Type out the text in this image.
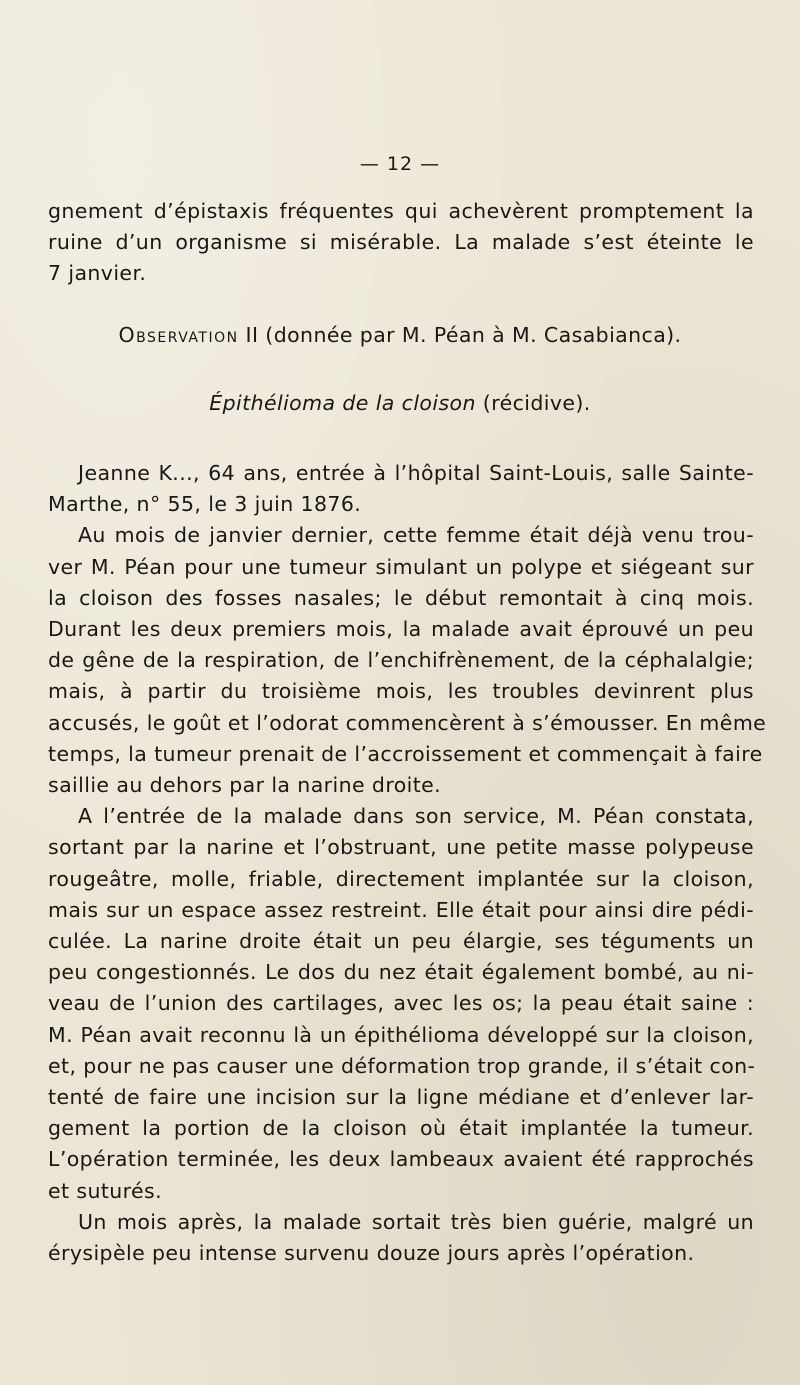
— 12 —
gnement d’épistaxis fréquentes qui achevèrent promptement la
ruine d’un organisme si misérable. La malade s’est éteinte le
7 janvier.
Observation II (donnée par M. Péan à M. Casabianca).
Épithélioma de la cloison (récidive).
Jeanne K..., 64 ans, entrée à l’hôpital Saint-Louis, salle Sainte-
Marthe, n° 55, le 3 juin 1876.
Au mois de janvier dernier, cette femme était déjà venu trou-
ver M. Péan pour une tumeur simulant un polype et siégeant sur
la cloison des fosses nasales; le début remontait à cinq mois.
Durant les deux premiers mois, la malade avait éprouvé un peu
de gêne de la respiration, de l’enchifrènement, de la céphalalgie;
mais, à partir du troisième mois, les troubles devinrent plus
accusés, le goût et l’odorat commencèrent à s’émousser. En même
temps, la tumeur prenait de l’accroissement et commençait à faire
saillie au dehors par la narine droite.
A l’entrée de la malade dans son service, M. Péan constata,
sortant par la narine et l’obstruant, une petite masse polypeuse
rougeâtre, molle, friable, directement implantée sur la cloison,
mais sur un espace assez restreint. Elle était pour ainsi dire pédi-
culée. La narine droite était un peu élargie, ses téguments un
peu congestionnés. Le dos du nez était également bombé, au ni-
veau de l’union des cartilages, avec les os; la peau était saine :
M. Péan avait reconnu là un épithélioma développé sur la cloison,
et, pour ne pas causer une déformation trop grande, il s’était con-
tenté de faire une incision sur la ligne médiane et d’enlever lar-
gement la portion de la cloison où était implantée la tumeur.
L’opération terminée, les deux lambeaux avaient été rapprochés
et suturés.
Un mois après, la malade sortait très bien guérie, malgré un
érysipèle peu intense survenu douze jours après l’opération.
